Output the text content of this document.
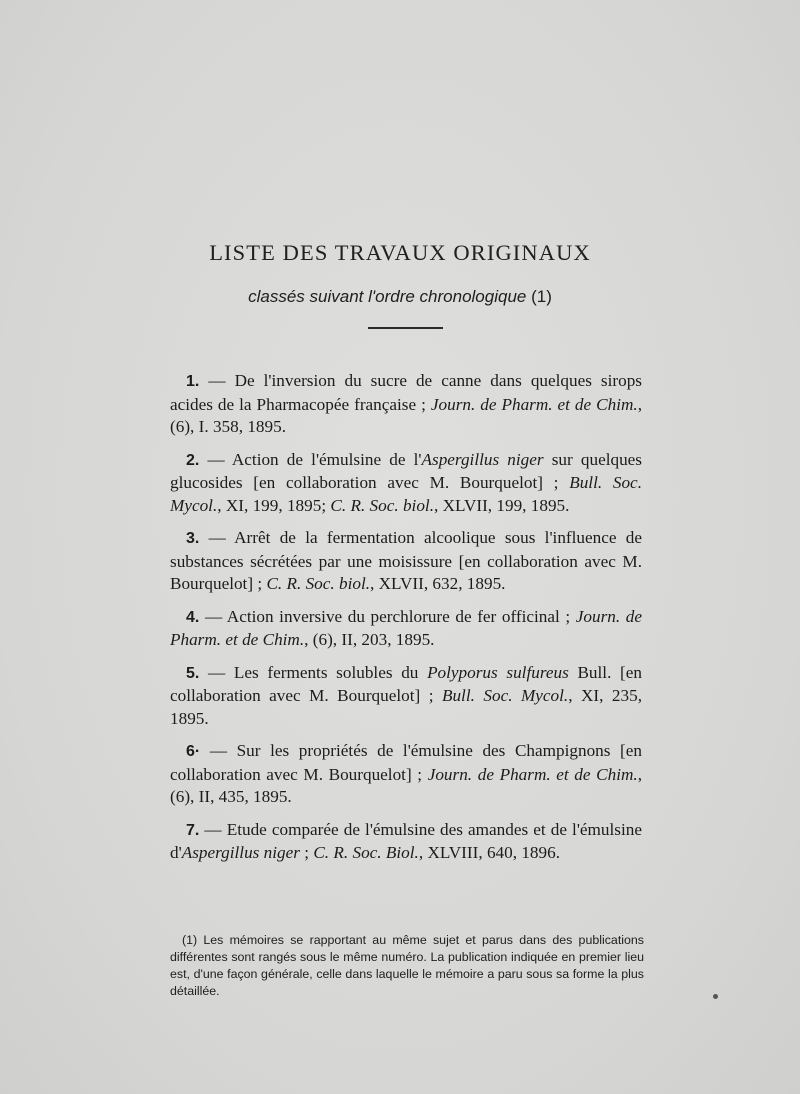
LISTE DES TRAVAUX ORIGINAUX
classés suivant l'ordre chronologique (1)

1. — De l'inversion du sucre de canne dans quelques sirops acides de la Pharmacopée française ; Journ. de Pharm. et de Chim., (6), I. 358, 1895.

2. — Action de l'émulsine de l'Aspergillus niger sur quelques glucosides [en collaboration avec M. Bourquelot] ; Bull. Soc. Mycol., XI, 199, 1895; C. R. Soc. biol., XLVII, 199, 1895.

3. — Arrêt de la fermentation alcoolique sous l'influence de substances sécrétées par une moisissure [en collaboration avec M. Bourquelot] ; C. R. Soc. biol., XLVII, 632, 1895.

4. — Action inversive du perchlorure de fer officinal ; Journ. de Pharm. et de Chim., (6), II, 203, 1895.

5. — Les ferments solubles du Polyporus sulfureus Bull. [en collaboration avec M. Bourquelot] ; Bull. Soc. Mycol., XI, 235, 1895.

6· — Sur les propriétés de l'émulsine des Champignons [en collaboration avec M. Bourquelot] ; Journ. de Pharm. et de Chim., (6), II, 435, 1895.

7. — Etude comparée de l'émulsine des amandes et de l'émulsine d'Aspergillus niger ; C. R. Soc. Biol., XLVIII, 640, 1896.

(1) Les mémoires se rapportant au même sujet et parus dans des publications différentes sont rangés sous le même numéro. La publication indiquée en premier lieu est, d'une façon générale, celle dans laquelle le mémoire a paru sous sa forme la plus détaillée.
